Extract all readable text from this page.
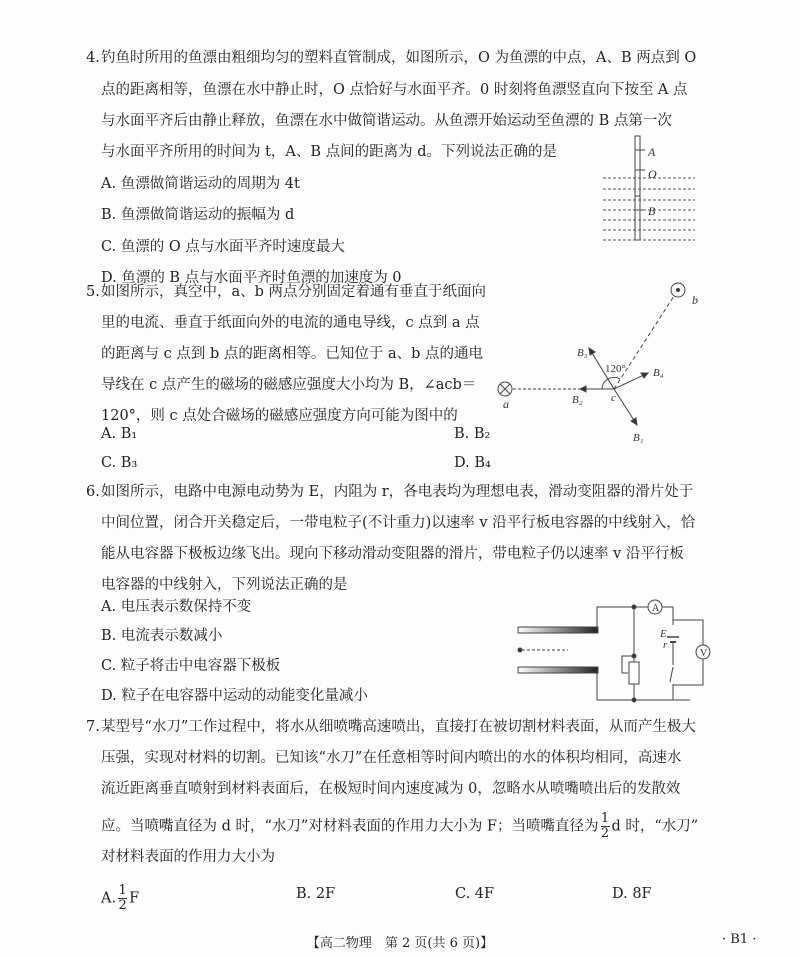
4. 钓鱼时所用的鱼漂由粗细均匀的塑料直管制成，如图所示，O 为鱼漂的中点，A、B 两点到 O
点的距离相等，鱼漂在水中静止时，O 点恰好与水面平齐。0 时刻将鱼漂竖直向下按至 A 点
与水面平齐后由静止释放，鱼漂在水中做简谐运动。从鱼漂开始运动至鱼漂的 B 点第一次
与水面平齐所用的时间为 t，A、B 点间的距离为 d。下列说法正确的是
A. 鱼漂做简谐运动的周期为 4t
B. 鱼漂做简谐运动的振幅为 d
C. 鱼漂的 O 点与水面平齐时速度最大
D. 鱼漂的 B 点与水面平齐时鱼漂的加速度为 0
A
O
B
b
a	c
B₂
B₃
B₄
B₁
120°
A
V
E
r
5. 如图所示，真空中，a、b 两点分别固定着通有垂直于纸面向
里的电流、垂直于纸面向外的电流的通电导线，c 点到 a 点
的距离与 c 点到 b 点的距离相等。已知位于 a、b 点的通电
导线在 c 点产生的磁场的磁感应强度大小均为 B，∠acb＝
120°，则 c 点处合磁场的磁感应强度方向可能为图中的
A. B₁	B. B₂
C. B₃	D. B₄
6. 如图所示，电路中电源电动势为 E，内阻为 r，各电表均为理想电表，滑动变阻器的滑片处于
中间位置，闭合开关稳定后，一带电粒子(不计重力)以速率 v 沿平行板电容器的中线射入，恰
能从电容器下极板边缘飞出。现向下移动滑动变阻器的滑片，带电粒子仍以速率 v 沿平行板
电容器的中线射入，下列说法正确的是
A. 电压表示数保持不变
B. 电流表示数减小
C. 粒子将击中电容器下极板
D. 粒子在电容器中运动的动能变化量减小
7. 某型号“水刀”工作过程中，将水从细喷嘴高速喷出，直接打在被切割材料表面，从而产生极大
压强，实现对材料的切割。已知该“水刀”在任意相等时间内喷出的水的体积均相同，高速水
流近距离垂直喷射到材料表面后，在极短时间内速度减为 0，忽略水从喷嘴喷出后的发散效
应。当喷嘴直径为 d 时，“水刀”对材料表面的作用力大小为 F；当喷嘴直径为 $\frac{1}{2}$ d 时，“水刀”
对材料表面的作用力大小为
A. $\frac{1}{2}$ F	B. 2F	C. 4F	D. 8F
【高二物理　第 2 页(共 6 页)】	· B1 ·
